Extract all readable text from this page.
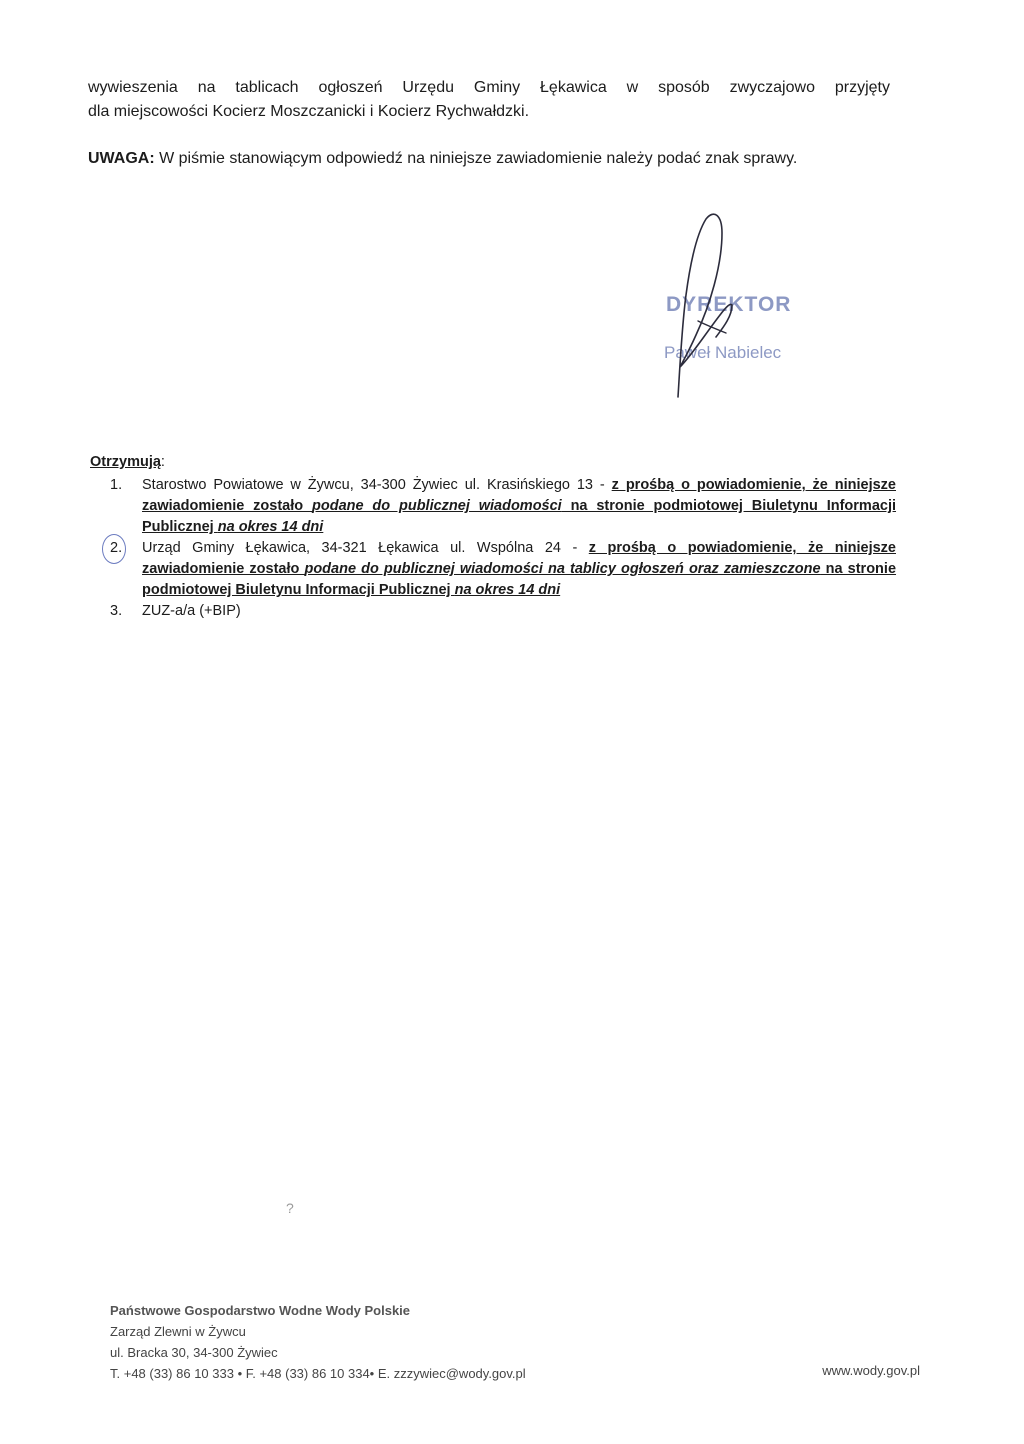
wywieszenia na tablicach ogłoszeń Urzędu Gminy Łękawica w sposób zwyczajowo przyjęty
dla miejscowości Kocierz Moszczanicki i Kocierz Rychwałdzki.
UWAGA: W piśmie stanowiącym odpowiedź na niniejsze zawiadomienie należy podać znak sprawy.
DYREKTOR
Paweł Nabielec
Otrzymują:
1. Starostwo Powiatowe w Żywcu, 34-300 Żywiec ul. Krasińskiego 13 - z prośbą o powiadomienie, że niniejsze zawiadomienie zostało podane do publicznej wiadomości na stronie podmiotowej Biuletynu Informacji Publicznej na okres 14 dni
2. Urząd Gminy Łękawica, 34-321 Łękawica ul. Wspólna 24 - z prośbą o powiadomienie, że niniejsze zawiadomienie zostało podane do publicznej wiadomości na tablicy ogłoszeń oraz zamieszczone na stronie podmiotowej Biuletynu Informacji Publicznej na okres 14 dni
3. ZUZ-a/a (+BIP)
?
Państwowe Gospodarstwo Wodne Wody Polskie
Zarząd Zlewni w Żywcu
ul. Bracka 30, 34-300 Żywiec
T. +48 (33) 86 10 333 • F. +48 (33) 86 10 334• E. zzzywiec@wody.gov.pl	www.wody.gov.pl
